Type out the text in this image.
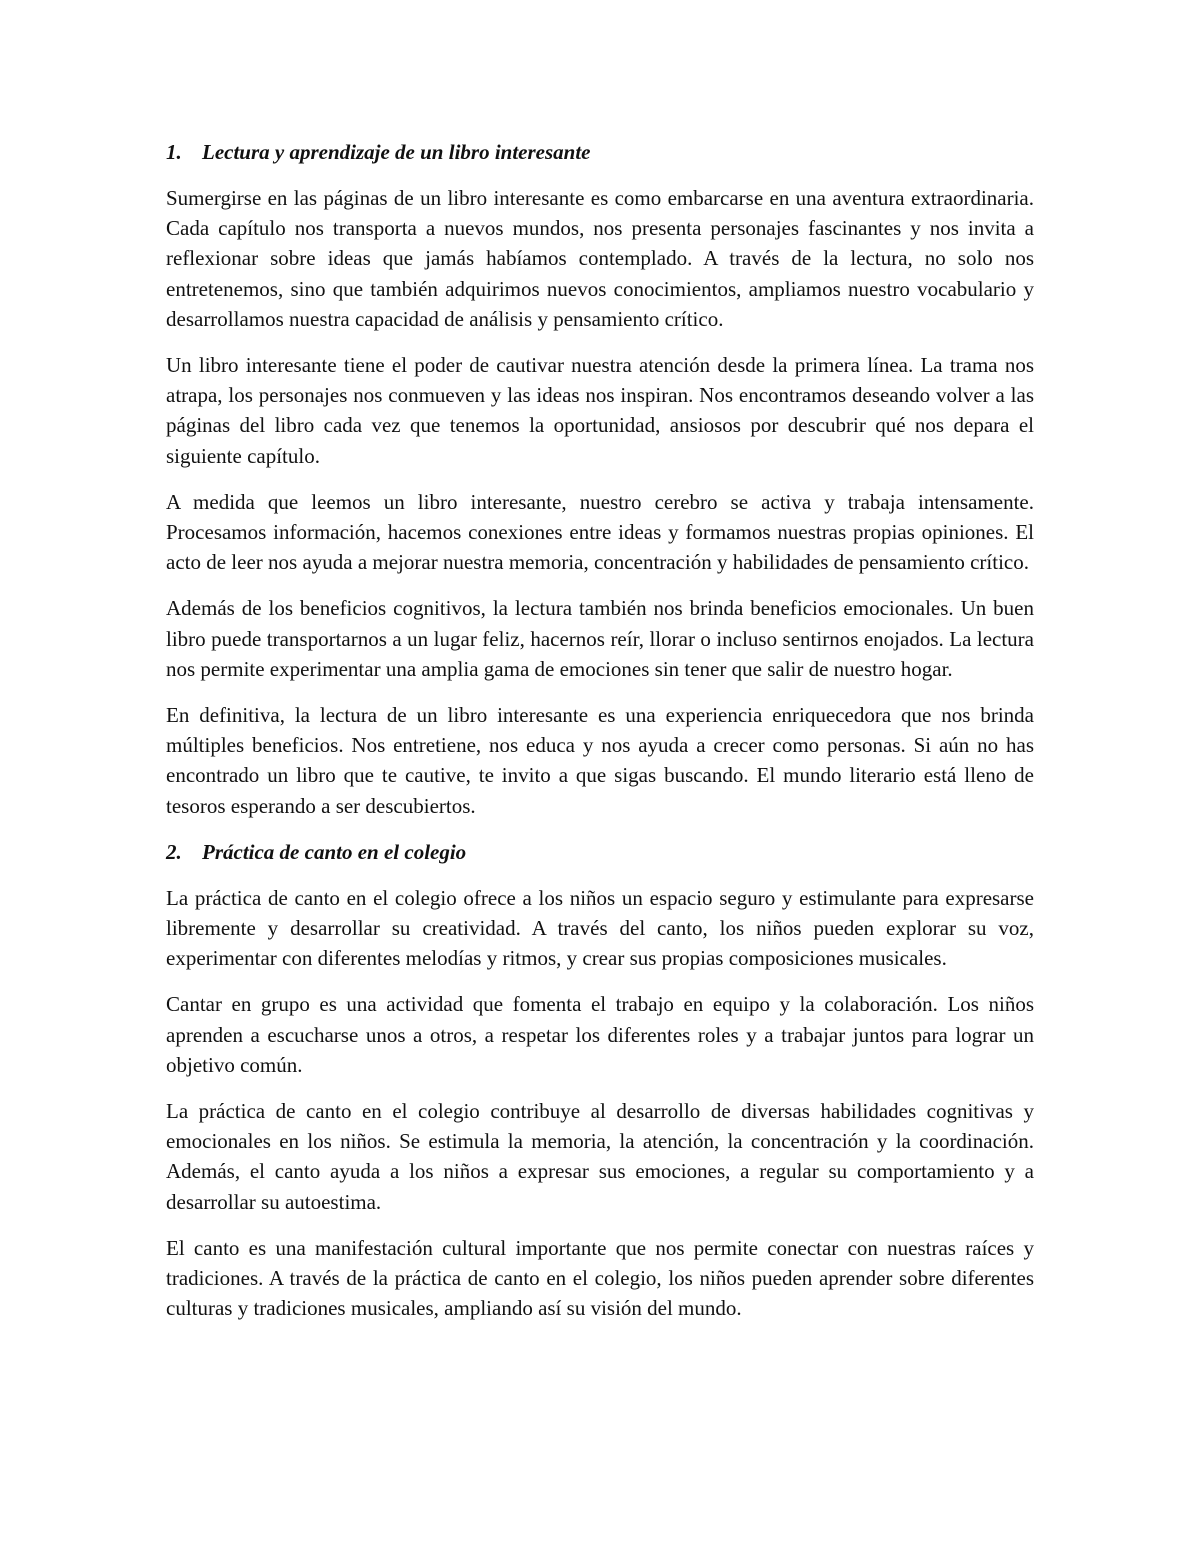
1. Lectura y aprendizaje de un libro interesante

Sumergirse en las páginas de un libro interesante es como embarcarse en una aventura extraordinaria. Cada capítulo nos transporta a nuevos mundos, nos presenta personajes fascinantes y nos invita a reflexionar sobre ideas que jamás habíamos contemplado. A través de la lectura, no solo nos entretenemos, sino que también adquirimos nuevos conocimientos, ampliamos nuestro vocabulario y desarrollamos nuestra capacidad de análisis y pensamiento crítico.

Un libro interesante tiene el poder de cautivar nuestra atención desde la primera línea. La trama nos atrapa, los personajes nos conmueven y las ideas nos inspiran. Nos encontramos deseando volver a las páginas del libro cada vez que tenemos la oportunidad, ansiosos por descubrir qué nos depara el siguiente capítulo.

A medida que leemos un libro interesante, nuestro cerebro se activa y trabaja intensamente. Procesamos información, hacemos conexiones entre ideas y formamos nuestras propias opiniones. El acto de leer nos ayuda a mejorar nuestra memoria, concentración y habilidades de pensamiento crítico.

Además de los beneficios cognitivos, la lectura también nos brinda beneficios emocionales. Un buen libro puede transportarnos a un lugar feliz, hacernos reír, llorar o incluso sentirnos enojados. La lectura nos permite experimentar una amplia gama de emociones sin tener que salir de nuestro hogar.

En definitiva, la lectura de un libro interesante es una experiencia enriquecedora que nos brinda múltiples beneficios. Nos entretiene, nos educa y nos ayuda a crecer como personas. Si aún no has encontrado un libro que te cautive, te invito a que sigas buscando. El mundo literario está lleno de tesoros esperando a ser descubiertos.

2. Práctica de canto en el colegio

La práctica de canto en el colegio ofrece a los niños un espacio seguro y estimulante para expresarse libremente y desarrollar su creatividad. A través del canto, los niños pueden explorar su voz, experimentar con diferentes melodías y ritmos, y crear sus propias composiciones musicales.

Cantar en grupo es una actividad que fomenta el trabajo en equipo y la colaboración. Los niños aprenden a escucharse unos a otros, a respetar los diferentes roles y a trabajar juntos para lograr un objetivo común.

La práctica de canto en el colegio contribuye al desarrollo de diversas habilidades cognitivas y emocionales en los niños. Se estimula la memoria, la atención, la concentración y la coordinación. Además, el canto ayuda a los niños a expresar sus emociones, a regular su comportamiento y a desarrollar su autoestima.

El canto es una manifestación cultural importante que nos permite conectar con nuestras raíces y tradiciones. A través de la práctica de canto en el colegio, los niños pueden aprender sobre diferentes culturas y tradiciones musicales, ampliando así su visión del mundo.
